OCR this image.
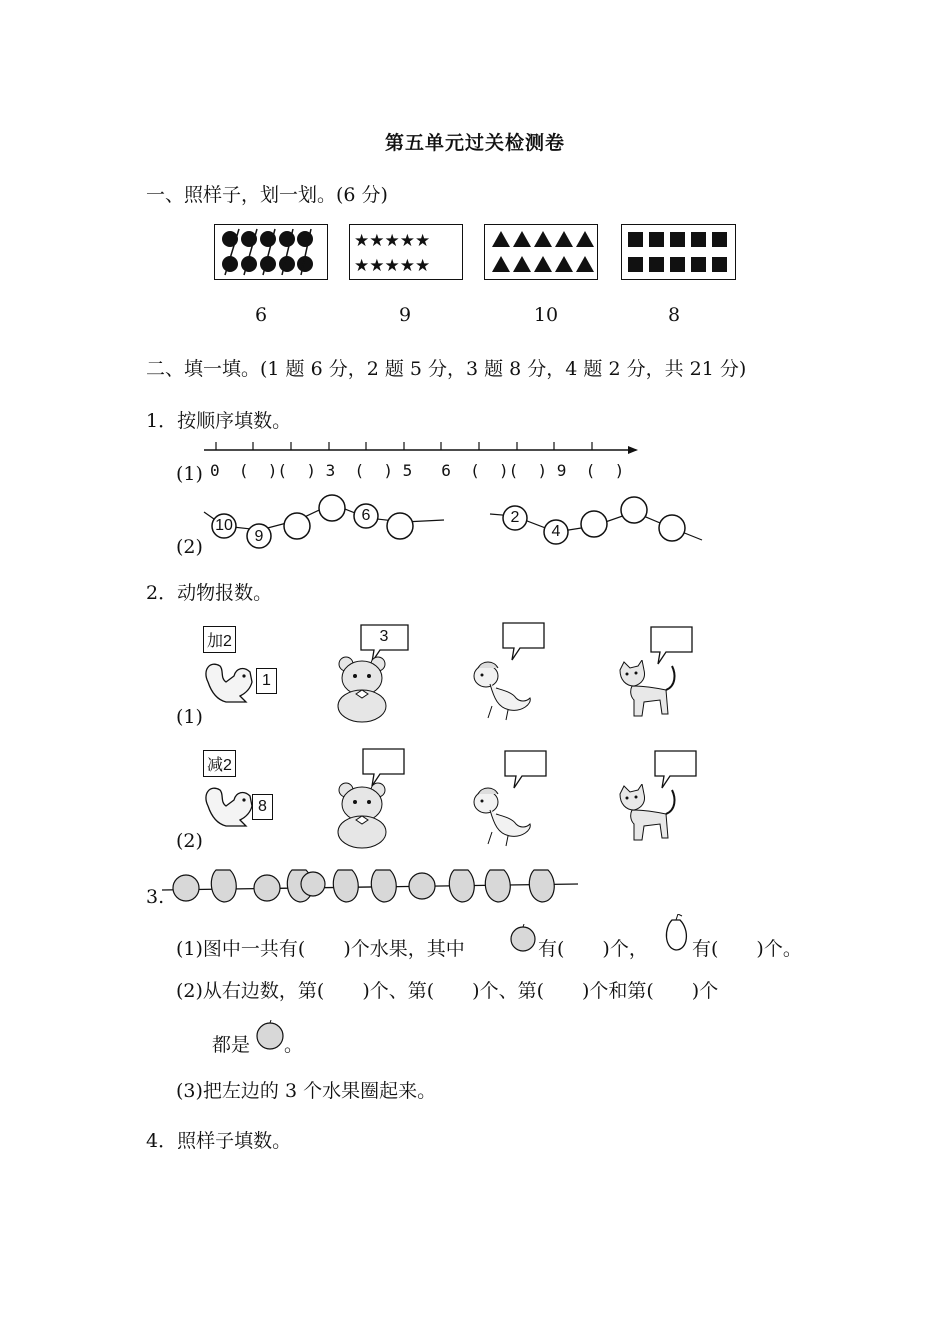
第五单元过关检测卷
一、照样子，划一划。(6 分)
★★★★★
★★★★★
6	9	10	8
二、填一填。(1 题 6 分，2 题 5 分，3 题 8 分，4 题 2 分，共 21 分)
1．按顺序填数。
(1) 0  (  )(  ) 3  (  ) 5   6  (  )(  ) 9  (  )
(2)
10
9
6	2
4
2．动物报数。
加2
1
(1)
3
减2
8
(2)
3.
(1)图中一共有(　　)个水果，其中	有(　　)个， 有(　　)个。
(2)从右边数，第(　　)个、第(　　)个、第(　　)个和第(　　)个
都是 。
(3)把左边的 3 个水果圈起来。
4．照样子填数。
